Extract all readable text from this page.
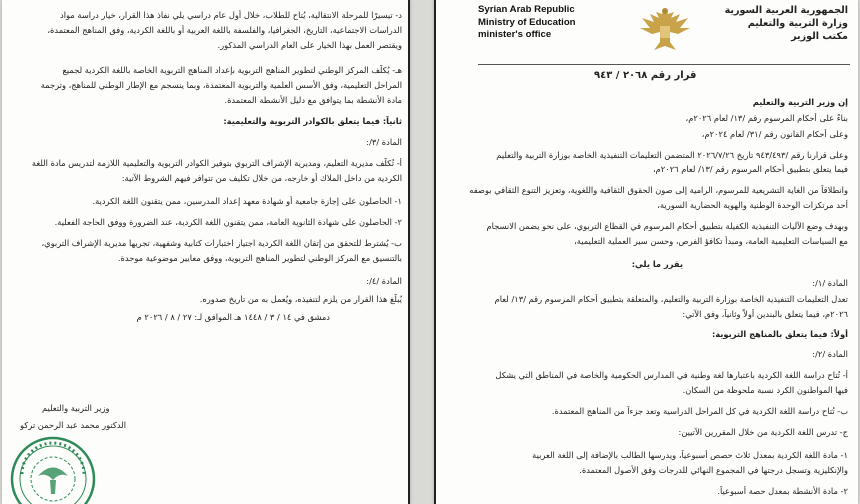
د- تيسيرًا للمرحلة الانتقالية، يُتاح للطلاب، خلال أول عام دراسي يلي نفاذ هذا القرار، خيار دراسة مواد
الدراسات الاجتماعية، التاريخ، الجغرافيا، والفلسفة باللغة العربية أو باللغة الكردية، وفق المناهج المعتمدة،
ويقتصر العمل بهذا الخيار على العام الدراسي المذكور.
هـ- يُكلَّف المركز الوطني لتطوير المناهج التربوية بإعداد المناهج التربوية الخاصة باللغة الكردية لجميع
المراحل التعليمية، وفق الأسس العلمية والتربوية المعتمدة، وبما ينسجم مع الإطار الوطني للمناهج، وترجمة
مادة الأنشطة بما يتوافق مع دليل الأنشطة المعتمدة.
ثانياً: فيما يتعلق بالكوادر التربوية والتعليمية:
المادة /٣/:
أ- تُكلَّف مديرية التعليم، ومديرية الإشراف التربوي بتوفير الكوادر التربوية والتعليمية اللازمة لتدريس مادة اللغة
الكردية من داخل الملاك أو خارجه، من خلال تكليف من تتوافر فيهم الشروط الآتية:
١- الحاصلون على إجازة جامعية أو شهادة معهد إعداد المدرسين، ممن يتقنون اللغة الكردية.
٢- الحاصلون على شهادة الثانوية العامة، ممن يتقنون اللغة الكردية، عند الضرورة ووفق الحاجة الفعلية.
ب- يُشترط للتحقق من إتقان اللغة الكردية اجتياز اختبارات كتابية وشفهية، تجريها مديرية الإشراف التربوي،
بالتنسيق مع المركز الوطني لتطوير المناهج التربوية، ووفق معايير موضوعية موحدة.
المادة /٤/:
يُبلَّغ هذا القرار من يلزم لتنفيذه، ويُعمل به من تاريخ صدوره.
دمشق في ١٤ / ٣ / ١٤٤٨ هـ الموافق لـ: ٢٧ / ٨ / ٢٠٢٦ م
وزير التربية والتعليم
الدكتور محمد عبد الرحمن تركو
Syrian Arab Republic
Ministry of Education
minister's office
الجمهورية العربية السورية
وزارة التربية والتعليم
مكتب الوزير
قرار رقم ٢٠٦٨ / ٩٤٣
إن وزير التربية والتعليم
بناءً على أحكام المرسوم رقم /١٣/ لعام ٢٠٢٦م،
وعلى أحكام القانون رقم /٣١/ لعام ٢٠٢٤م،
وعلى قرارنا رقم /٩٤٣/٤٩٣ تاريخ ٢٠٢٦/٧/٢٦ المتضمن التعليمات التنفيذية الخاصة بوزارة التربية والتعليم
فيما يتعلق بتطبيق أحكام المرسوم رقم /١٣/ لعام ٢٠٢٦م،
وانطلاقاً من الغاية التشريعية للمرسوم، الرامية إلى صون الحقوق الثقافية واللغوية، وتعزيز التنوع الثقافي بوصفه
أحد مرتكزات الوحدة الوطنية والهوية الحضارية السورية،
وبهدف وضع الآليات التنفيذية الكفيلة بتطبيق أحكام المرسوم في القطاع التربوي، على نحو يضمن الانسجام
مع السياسات التعليمية العامة، ومبدأ تكافؤ الفرص، وحسن سير العملية التعليمية،
يقرر ما يلي:
المادة /١/:
تعدل التعليمات التنفيذية الخاصة بوزارة التربية والتعليم، والمتعلقة بتطبيق أحكام المرسوم رقم /١٣/ لعام
٢٠٢٦م، فيما يتعلق بالبندين أولاً وثانياً، وفق الآتي:
أولاً: فيما يتعلق بالمناهج التربوية:
المادة /٢/:
أ- تُتاح دراسة اللغة الكردية باعتبارها لغة وطنية في المدارس الحكومية والخاصة في المناطق التي يشكل
فيها المواطنون الكرد نسبة ملحوظة من السكان.
ب- تُتاح دراسة اللغة الكردية في كل المراحل الدراسية وتعد جزءاً من المناهج المعتمدة.
ج- تدرس اللغة الكردية من خلال المقررين الآتيين:
١- مادة اللغة الكردية بمعدل ثلاث حصص أسبوعياً، ويدرسها الطالب بالإضافة إلى اللغة العربية
والإنكليزية وتسجل درجتها في المجموع النهائي للدرجات وفق الأصول المعتمدة.
٢- مادة الأنشطة بمعدل حصة أسبوعياً.
